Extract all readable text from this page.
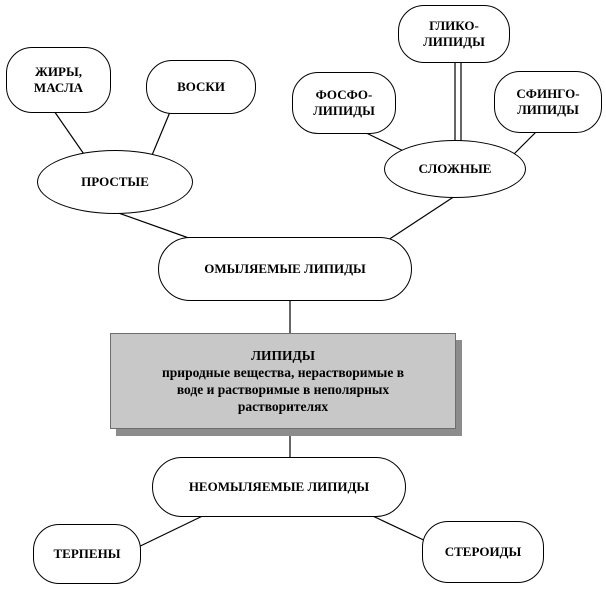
ЖИРЫ,
МАСЛА	ВОСКИ
ФОСФО-
ЛИПИДЫ
ГЛИКО-
ЛИПИДЫ
СФИНГО-
ЛИПИДЫ
ПРОСТЫЕ
СЛОЖНЫЕ
ОМЫЛЯЕМЫЕ ЛИПИДЫ
ЛИПИДЫ
природные вещества, нерастворимые в
воде и растворимые в неполярных
растворителях
НЕОМЫЛЯЕМЫЕ ЛИПИДЫ
ТЕРПЕНЫ	СТЕРОИДЫ
